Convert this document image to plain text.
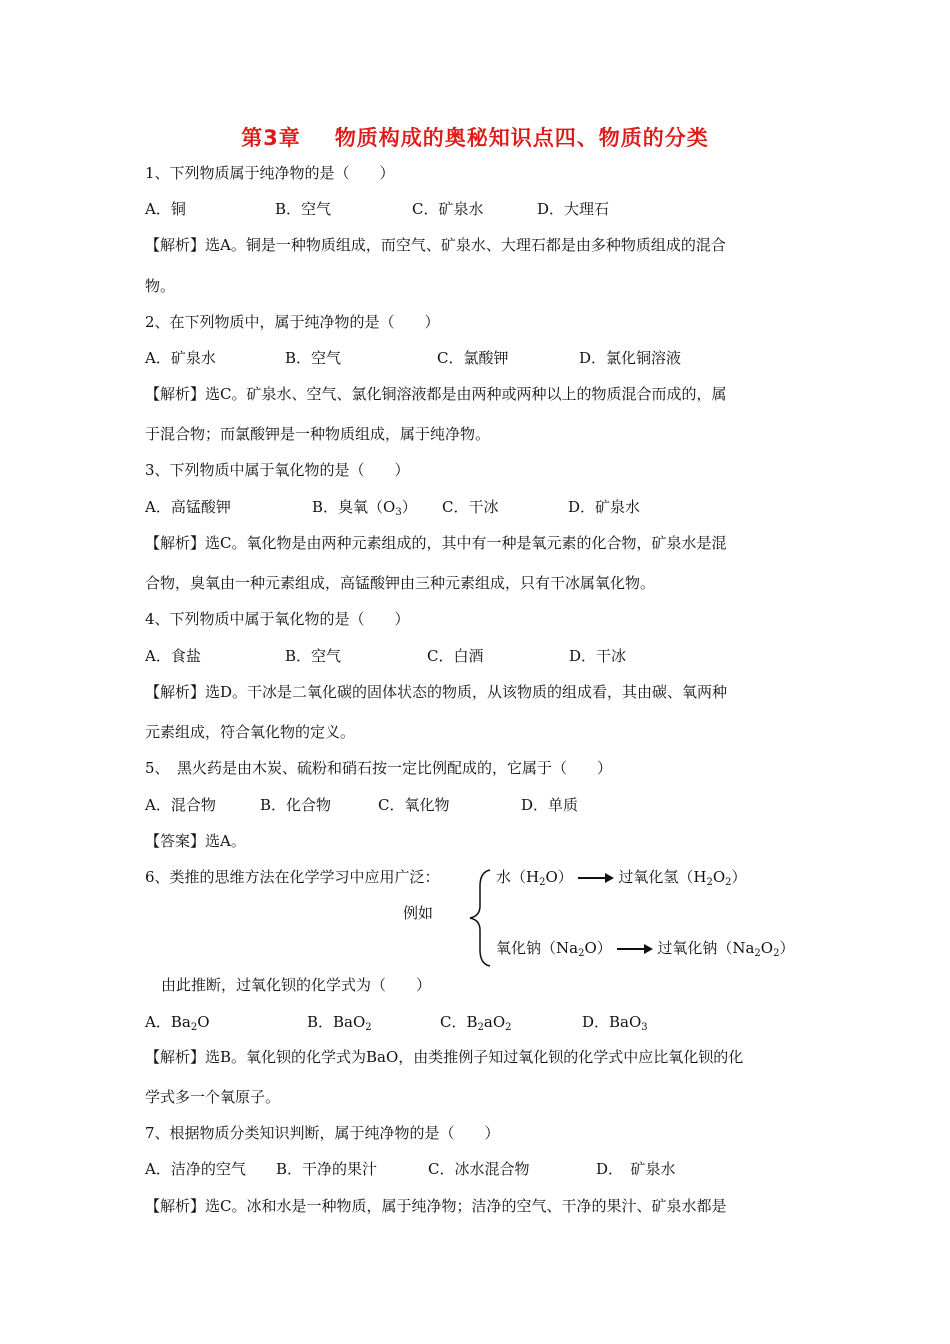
第3章 物质构成的奥秘知识点四、物质的分类
1、下列物质属于纯净物的是（　　）
A．铜	B．空气	C．矿泉水	D．大理石
【解析】选A。铜是一种物质组成，而空气、矿泉水、大理石都是由多种物质组成的混合
物。
2、在下列物质中，属于纯净物的是（　　）
A．矿泉水	B．空气	C．氯酸钾	D．氯化铜溶液
【解析】选C。矿泉水、空气、氯化铜溶液都是由两种或两种以上的物质混合而成的，属
于混合物；而氯酸钾是一种物质组成，属于纯净物。
3、下列物质中属于氧化物的是（　　）
A．高锰酸钾	B．臭氧$(O_3)$ C．干冰	D．矿泉水
【解析】选C。氧化物是由两种元素组成的，其中有一种是氧元素的化合物，矿泉水是混
合物，臭氧由一种元素组成，高锰酸钾由三种元素组成，只有干冰属氧化物。
4、下列物质中属于氧化物的是（　　）
A．食盐	B．空气	C．白酒	D．干冰
【解析】选D。干冰是二氧化碳的固体状态的物质，从该物质的组成看，其由碳、氧两种
元素组成，符合氧化物的定义。
5、　黑火药是由木炭、硫粉和硝石按一定比例配成的，它属于（　　）
A．混合物	B．化合物	C．氧化物	D．单质
【答案】选A。
6、类推的思维方法在化学学习中应用广泛：
例如
水$(H_2O)$	过氧化氢$(H_2O_2)$
氧化钠$(Na_2O)$	过氧化钠$(Na_2O_2)$
由此推断，过氧化钡的化学式为（　　）
A．$Ba_2O$	B．BaO$_2$	C．$B_2aO_2$	D．BaO$_3$
【解析】选B。氧化钡的化学式为BaO，由类推例子知过氧化钡的化学式中应比氧化钡的化
学式多一个氧原子。
7、根据物质分类知识判断，属于纯净物的是（　　）
A．洁净的空气 B．干净的果汁	C．冰水混合物	D．　矿泉水
【解析】选C。冰和水是一种物质，属于纯净物；洁净的空气、干净的果汁、矿泉水都是
